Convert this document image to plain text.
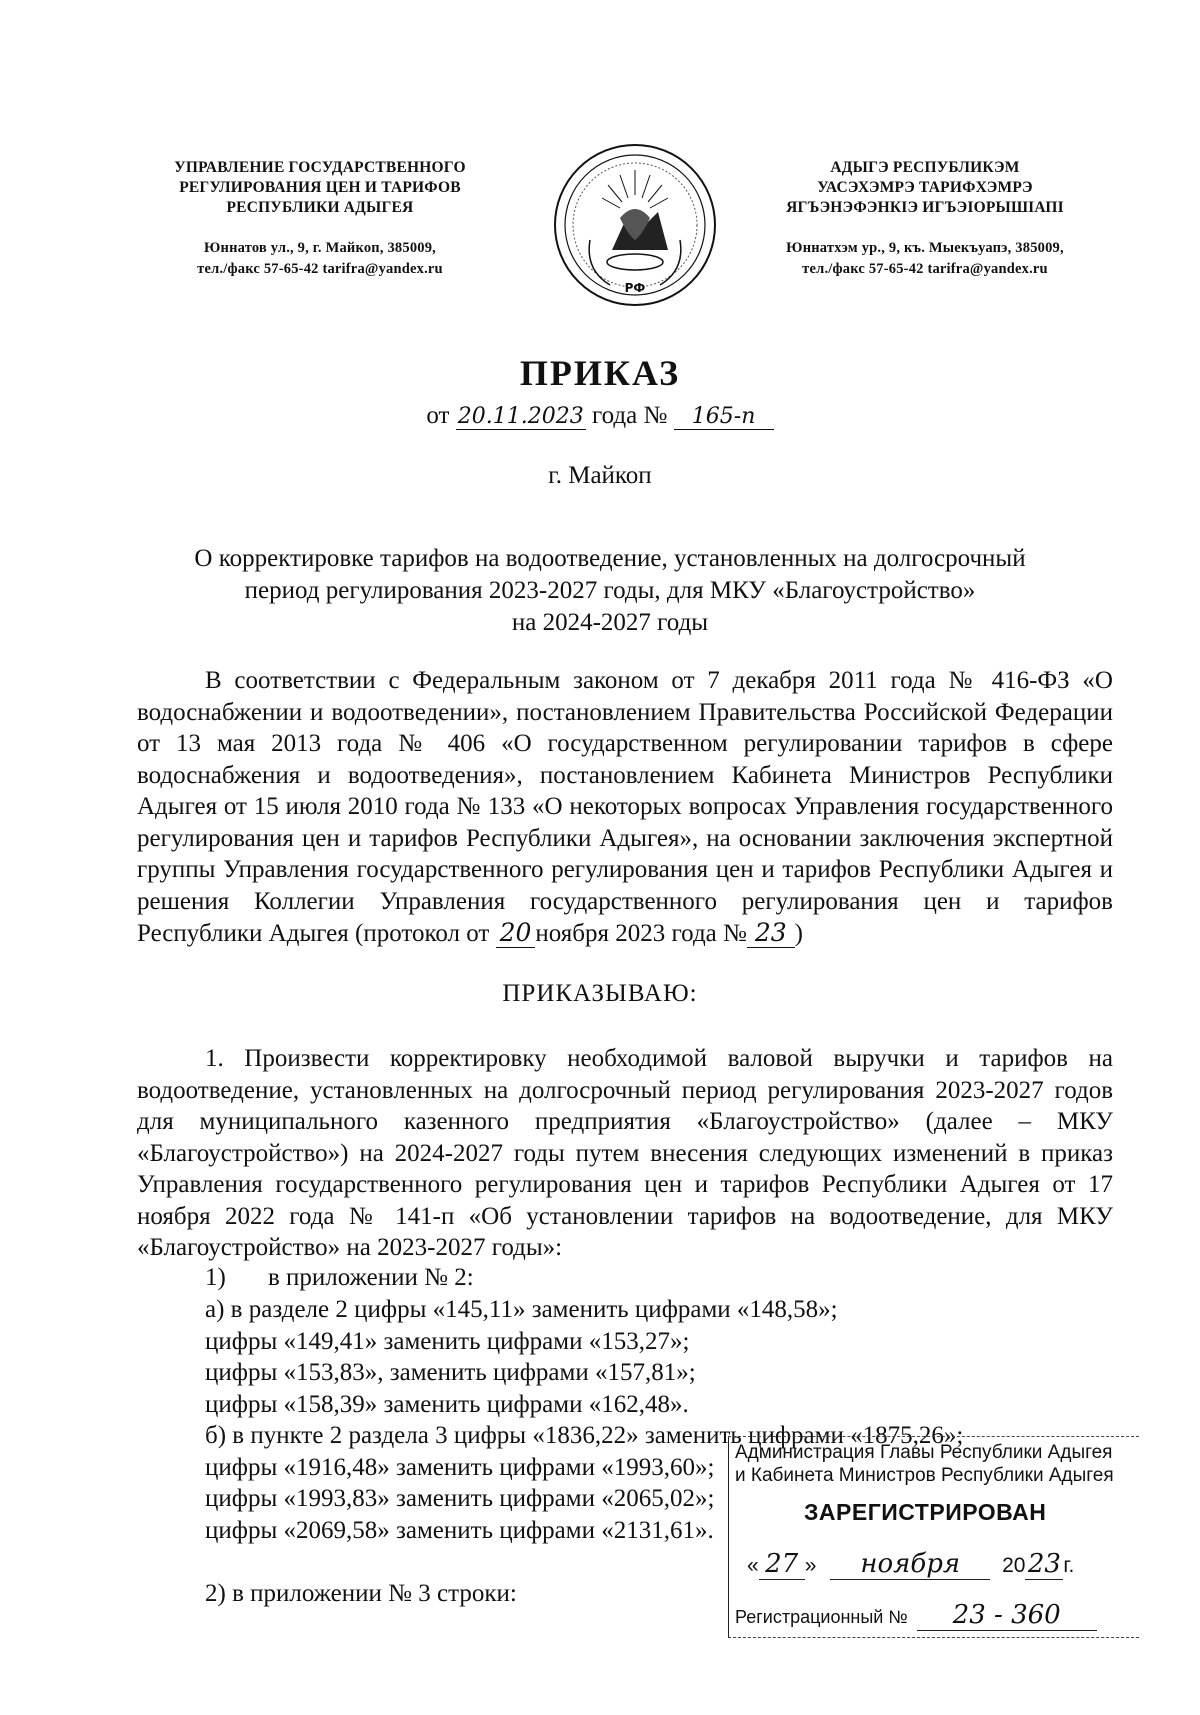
УПРАВЛЕНИЕ ГОСУДАРСТВЕННОГО
РЕГУЛИРОВАНИЯ ЦЕН И ТАРИФОВ
РЕСПУБЛИКИ АДЫГЕЯ
Юннатов ул., 9, г. Майкоп, 385009,
тел./факс 57-65-42 tarifra@yandex.ru
РФ
АДЫГЭ РЕСПУБЛИКЭМ
УАСЭХЭМРЭ ТАРИФХЭМРЭ
ЯГЪЭНЭФЭНКIЭ ИГЪЭIОРЫШIАПI
Юннатхэм ур., 9, къ. Мыекъуапэ, 385009,
тел./факс 57-65-42 tarifra@yandex.ru
ПРИКАЗ
от 20.11.2023 года № 165-п
г. Майкоп
О корректировке тарифов на водоотведение, установленных на долгосрочный
период регулирования 2023-2027 годы, для МКУ «Благоустройство»
на 2024-2027 годы
В соответствии с Федеральным законом от 7 декабря 2011 года № 416-ФЗ «О водоснабжении и водоотведении», постановлением Правительства Российской Федерации от 13 мая 2013 года № 406 «О государственном регулировании тарифов в сфере водоснабжения и водоотведения», постановлением Кабинета Министров Республики Адыгея от 15 июля 2010 года № 133 «О некоторых вопросах Управления государственного регулирования цен и тарифов Республики Адыгея», на основании заключения экспертной группы Управления государственного регулирования цен и тарифов Республики Адыгея и решения Коллегии Управления государственного регулирования цен и тарифов Республики Адыгея (протокол от 20 ноября 2023 года № 23 )
ПРИКАЗЫВАЮ:
1. Произвести корректировку необходимой валовой выручки и тарифов на водоотведение, установленных на долгосрочный период регулирования 2023-2027 годов для муниципального казенного предприятия «Благоустройство» (далее – МКУ «Благоустройство») на 2024-2027 годы путем внесения следующих изменений в приказ Управления государственного регулирования цен и тарифов Республики Адыгея от 17 ноября 2022 года № 141-п «Об установлении тарифов на водоотведение, для МКУ «Благоустройство» на 2023-2027 годы»:
1) в приложении № 2:
а) в разделе 2 цифры «145,11» заменить цифрами «148,58»;
цифры «149,41» заменить цифрами «153,27»;
цифры «153,83», заменить цифрами «157,81»;
цифры «158,39» заменить цифрами «162,48».
б) в пункте 2 раздела 3 цифры «1836,22» заменить цифрами «1875,26»;
цифры «1916,48» заменить цифрами «1993,60»;
цифры «1993,83» заменить цифрами «2065,02»;
цифры «2069,58» заменить цифрами «2131,61».
2) в приложении № 3 строки:
Администрация Главы Республики Адыгея
и Кабинета Министров Республики Адыгея
ЗАРЕГИСТРИРОВАН
« 27 » ноября 2023 г.
Регистрационный № 23 - 360
